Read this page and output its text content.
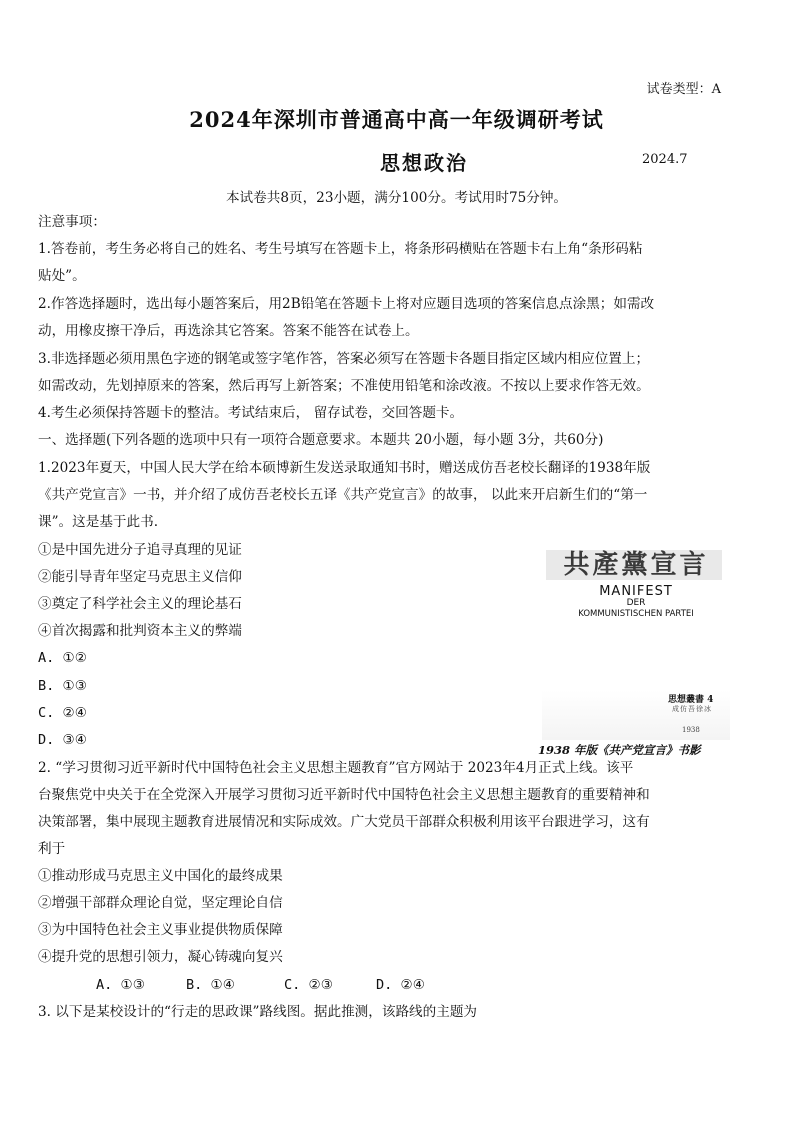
试卷类型：A
2024年深圳市普通高中高一年级调研考试
思想政治	2024.7
本试卷共8页，23小题，满分100分。考试用时75分钟。
注意事项：
1.答卷前，考生务必将自己的姓名、考生号填写在答题卡上，将条形码横贴在答题卡右上角“条形码粘
贴处”。
2.作答选择题时，选出每小题答案后，用2B铅笔在答题卡上将对应题目选项的答案信息点涂黑；如需改
动，用橡皮擦干净后，再选涂其它答案。答案不能答在试卷上。
3.非选择题必须用黑色字迹的钢笔或签字笔作答，答案必须写在答题卡各题目指定区域内相应位置上；
如需改动，先划掉原来的答案，然后再写上新答案；不准使用铅笔和涂改液。不按以上要求作答无效。
4.考生必须保持答题卡的整洁。考试结束后， 留存试卷，交回答题卡。
一、选择题(下列各题的选项中只有一项符合题意要求。本题共 20小题，每小题 3分，共60分)
1.2023年夏天，中国人民大学在给本硕博新生发送录取通知书时，赠送成仿吾老校长翻译的1938年版
《共产党宣言》一书，并介绍了成仿吾老校长五译《共产党宣言》的故事， 以此来开启新生们的“第一
课”。这是基于此书.
①是中国先进分子追寻真理的见证
②能引导青年坚定马克思主义信仰
③奠定了科学社会主义的理论基石
④首次揭露和批判资本主义的弊端
A. ①②
B. ①③
C. ②④
D. ③④
共產黨宣言
MANIFEST
DER
KOMMUNISTISCHEN PARTEI
思想叢書 4
成仿吾徐冰
1938
1938 年版《共产党宣言》书影
2. “学习贯彻习近平新时代中国特色社会主义思想主题教育”官方网站于 2023年4月正式上线。该平
台聚焦党中央关于在全党深入开展学习贯彻习近平新时代中国特色社会主义思想主题教育的重要精神和
决策部署，集中展现主题教育进展情况和实际成效。广大党员干部群众积极利用该平台跟进学习，这有
利于
①推动形成马克思主义中国化的最终成果
②增强干部群众理论自觉，坚定理论自信
③为中国特色社会主义事业提供物质保障
④提升党的思想引领力，凝心铸魂向复兴
A. ①③	B. ①④	C. ②③	D. ②④
3. 以下是某校设计的“行走的思政课”路线图。据此推测，该路线的主题为
